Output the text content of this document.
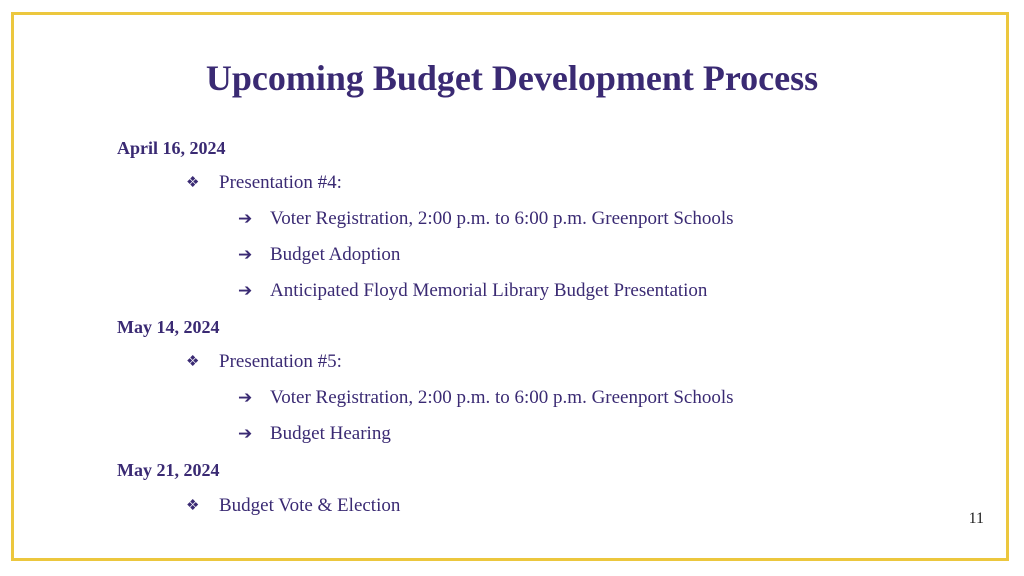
Upcoming Budget Development Process
April 16, 2024
❖ Presentation #4:
➔ Voter Registration, 2:00 p.m. to 6:00 p.m. Greenport Schools
➔ Budget Adoption
➔ Anticipated Floyd Memorial Library Budget Presentation
May 14, 2024
❖ Presentation #5:
➔ Voter Registration, 2:00 p.m. to 6:00 p.m. Greenport Schools
➔ Budget Hearing
May 21, 2024
❖ Budget Vote & Election
11
